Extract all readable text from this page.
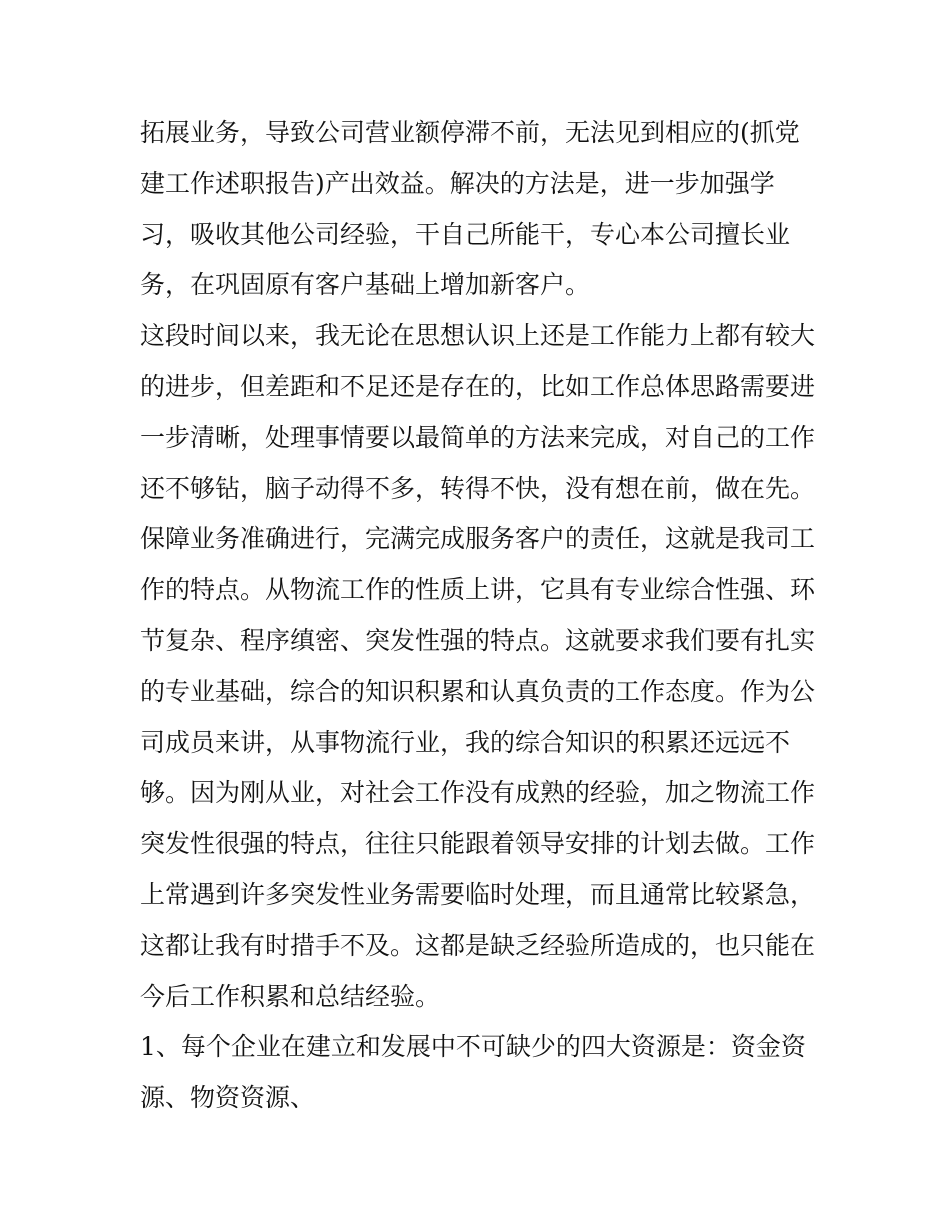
拓展业务，导致公司营业额停滞不前，无法见到相应的(抓党
建工作述职报告)产出效益。解决的方法是，进一步加强学
习，吸收其他公司经验，干自己所能干，专心本公司擅长业
务，在巩固原有客户基础上增加新客户。
这段时间以来，我无论在思想认识上还是工作能力上都有较大
的进步，但差距和不足还是存在的，比如工作总体思路需要进
一步清晰，处理事情要以最简单的方法来完成，对自己的工作
还不够钻，脑子动得不多，转得不快，没有想在前，做在先。
保障业务准确进行，完满完成服务客户的责任，这就是我司工
作的特点。从物流工作的性质上讲，它具有专业综合性强、环
节复杂、程序缜密、突发性强的特点。这就要求我们要有扎实
的专业基础，综合的知识积累和认真负责的工作态度。作为公
司成员来讲，从事物流行业，我的综合知识的积累还远远不
够。因为刚从业，对社会工作没有成熟的经验，加之物流工作
突发性很强的特点，往往只能跟着领导安排的计划去做。工作
上常遇到许多突发性业务需要临时处理，而且通常比较紧急，
这都让我有时措手不及。这都是缺乏经验所造成的，也只能在
今后工作积累和总结经验。
1、每个企业在建立和发展中不可缺少的四大资源是：资金资
源、物资资源、
